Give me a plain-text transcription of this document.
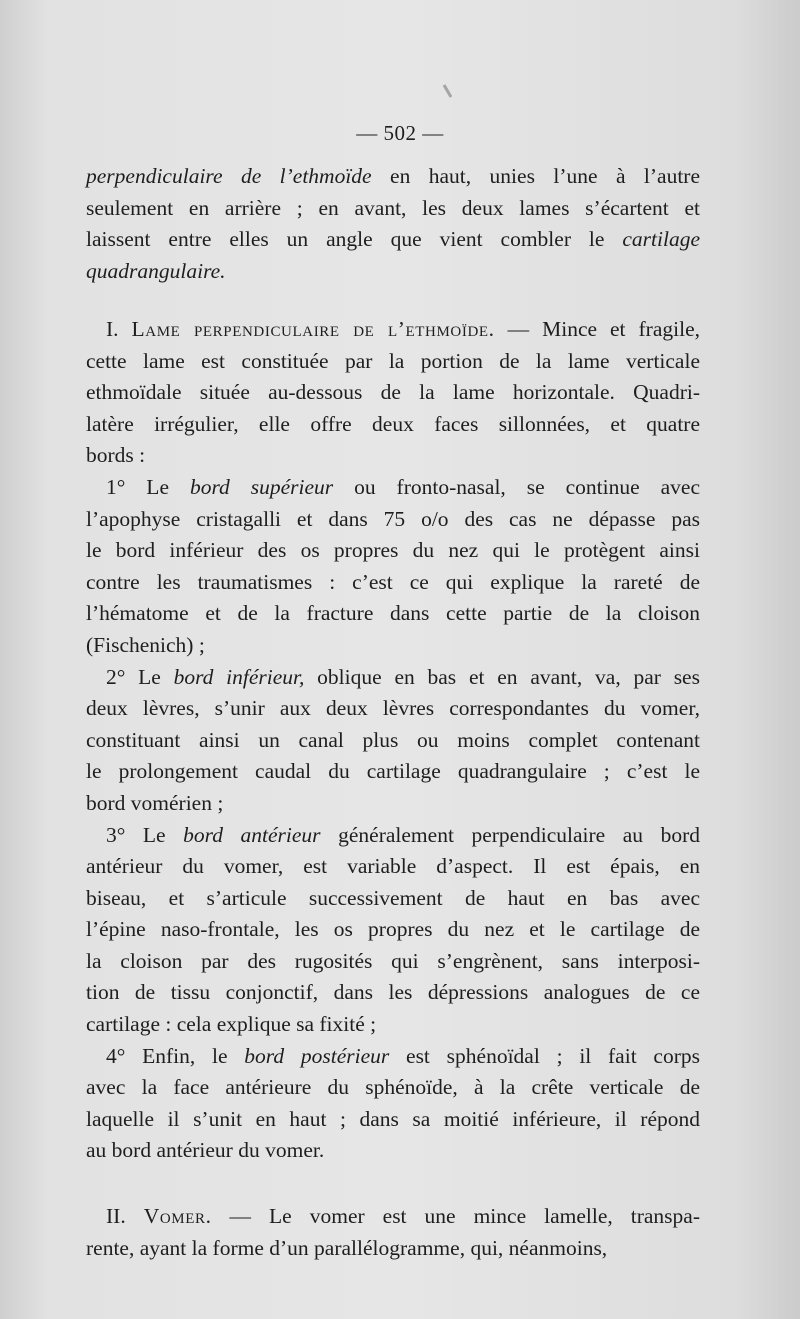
— 502 —

perpendiculaire de l’ethmoïde en haut, unies l’une à l’autre
seulement en arrière ; en avant, les deux lames s’écartent et
laissent entre elles un angle que vient combler le cartilage
quadrangulaire.

I. Lame perpendiculaire de l’ethmoïde. — Mince et fragile,
cette lame est constituée par la portion de la lame verticale
ethmoïdale située au-dessous de la lame horizontale. Quadri-
latère irrégulier, elle offre deux faces sillonnées, et quatre
bords :

1° Le bord supérieur ou fronto-nasal, se continue avec
l’apophyse cristagalli et dans 75 o/o des cas ne dépasse pas
le bord inférieur des os propres du nez qui le protègent ainsi
contre les traumatismes : c’est ce qui explique la rareté de
l’hématome et de la fracture dans cette partie de la cloison
(Fischenich) ;

2° Le bord inférieur, oblique en bas et en avant, va, par ses
deux lèvres, s’unir aux deux lèvres correspondantes du vomer,
constituant ainsi un canal plus ou moins complet contenant
le prolongement caudal du cartilage quadrangulaire ; c’est le
bord vomérien ;

3° Le bord antérieur généralement perpendiculaire au bord
antérieur du vomer, est variable d’aspect. Il est épais, en
biseau, et s’articule successivement de haut en bas avec
l’épine naso-frontale, les os propres du nez et le cartilage de
la cloison par des rugosités qui s’engrènent, sans interposi-
tion de tissu conjonctif, dans les dépressions analogues de ce
cartilage : cela explique sa fixité ;

4° Enfin, le bord postérieur est sphénoïdal ; il fait corps
avec la face antérieure du sphénoïde, à la crête verticale de
laquelle il s’unit en haut ; dans sa moitié inférieure, il répond
au bord antérieur du vomer.

II. Vomer. — Le vomer est une mince lamelle, transpa-
rente, ayant la forme d’un parallélogramme, qui, néanmoins,
